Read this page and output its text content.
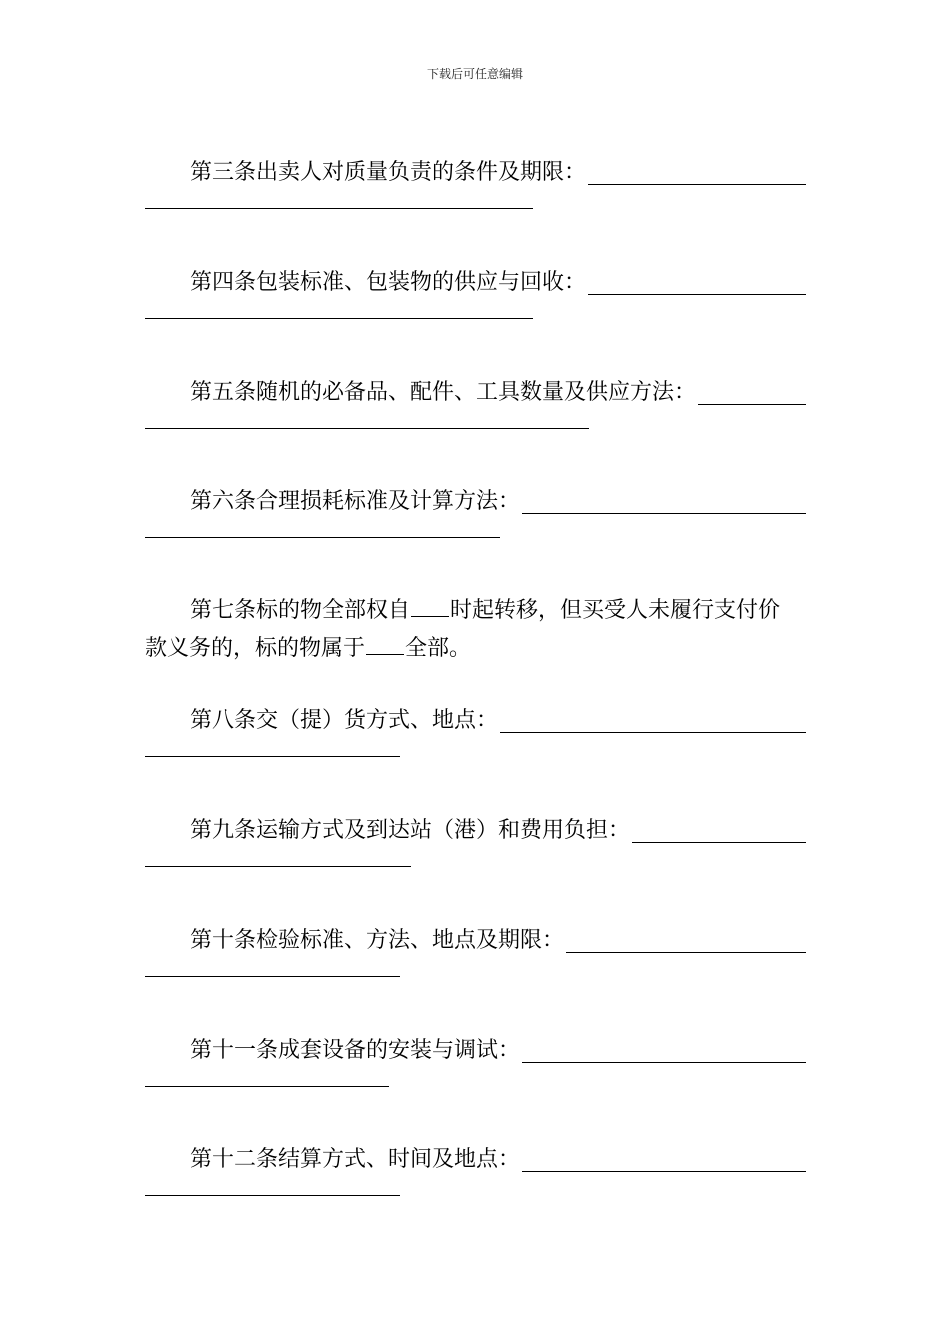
下载后可任意编辑
第三条出卖人对质量负责的条件及期限：
第四条包装标准、包装物的供应与回收：
第五条随机的必备品、配件、工具数量及供应方法：
第六条合理损耗标准及计算方法：
第七条标的物全部权自 时起转移，但买受人未履行支付价
款义务的，标的物属于 全部。
第八条交（提）货方式、地点：
第九条运输方式及到达站（港）和费用负担：
第十条检验标准、方法、地点及期限：
第十一条成套设备的安装与调试：
第十二条结算方式、时间及地点：
